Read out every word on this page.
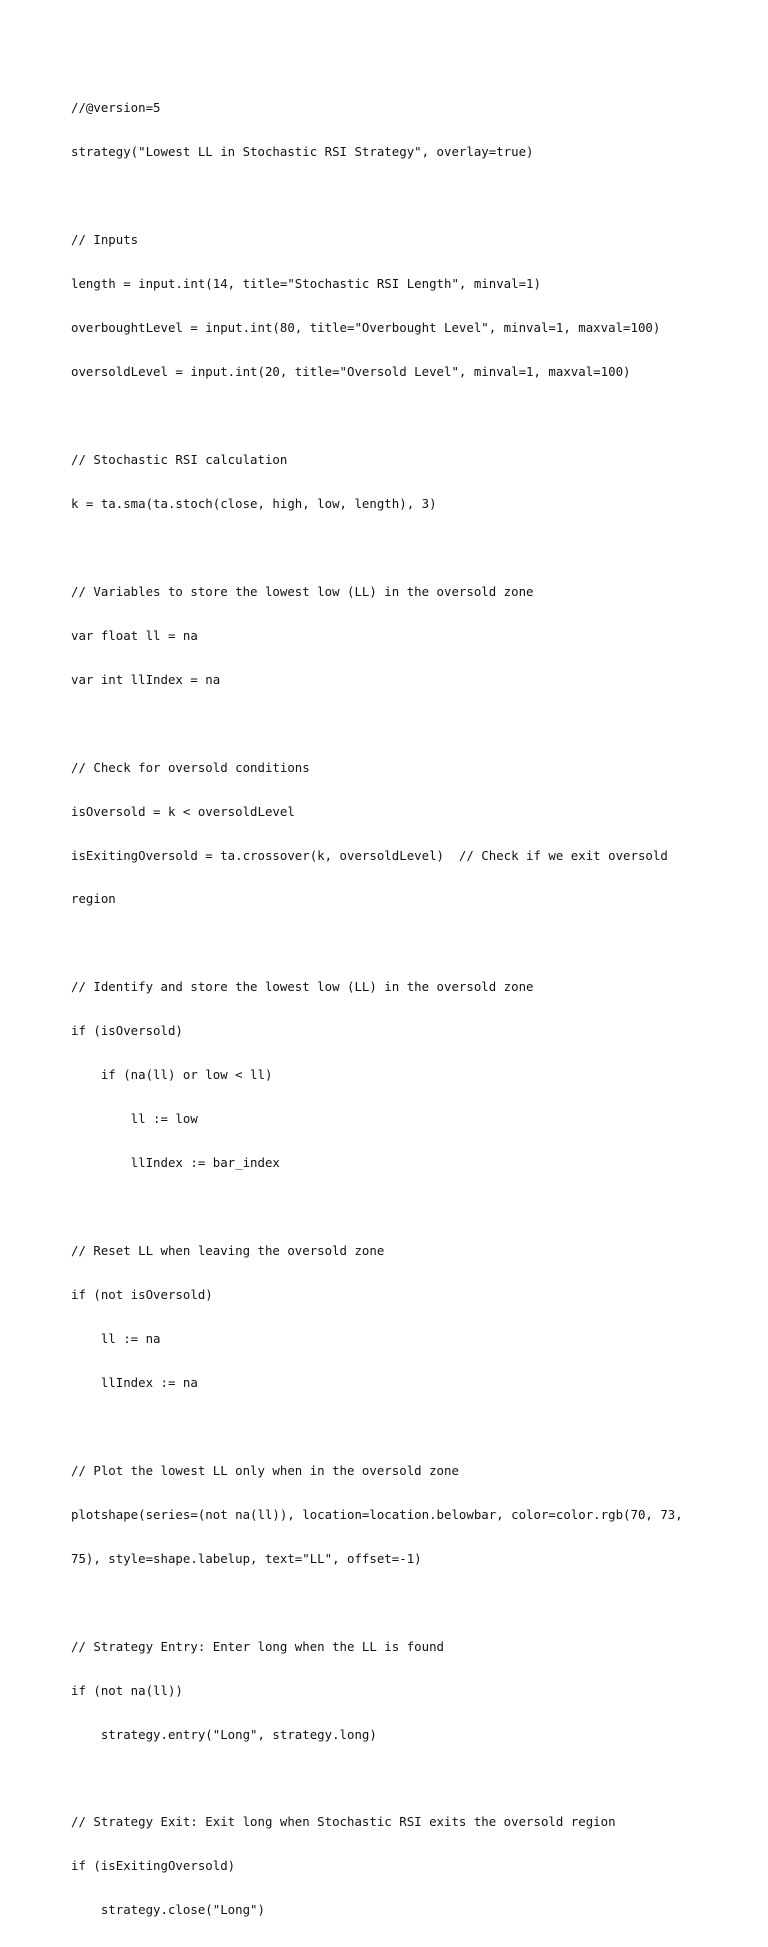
//@version=5

strategy("Lowest LL in Stochastic RSI Strategy", overlay=true)

// Inputs

length = input.int(14, title="Stochastic RSI Length", minval=1)

overboughtLevel = input.int(80, title="Overbought Level", minval=1, maxval=100)

oversoldLevel = input.int(20, title="Oversold Level", minval=1, maxval=100)

// Stochastic RSI calculation

k = ta.sma(ta.stoch(close, high, low, length), 3)

// Variables to store the lowest low (LL) in the oversold zone

var float ll = na

var int llIndex = na

// Check for oversold conditions

isOversold = k < oversoldLevel

isExitingOversold = ta.crossover(k, oversoldLevel)  // Check if we exit oversold

region

// Identify and store the lowest low (LL) in the oversold zone

if (isOversold)

if (na(ll) or low < ll)

ll := low

llIndex := bar_index

// Reset LL when leaving the oversold zone

if (not isOversold)

ll := na

llIndex := na

// Plot the lowest LL only when in the oversold zone

plotshape(series=(not na(ll)), location=location.belowbar, color=color.rgb(70, 73,

75), style=shape.labelup, text="LL", offset=-1)

// Strategy Entry: Enter long when the LL is found

if (not na(ll))

strategy.entry("Long", strategy.long)

// Strategy Exit: Exit long when Stochastic RSI exits the oversold region

if (isExitingOversold)

strategy.close("Long")
